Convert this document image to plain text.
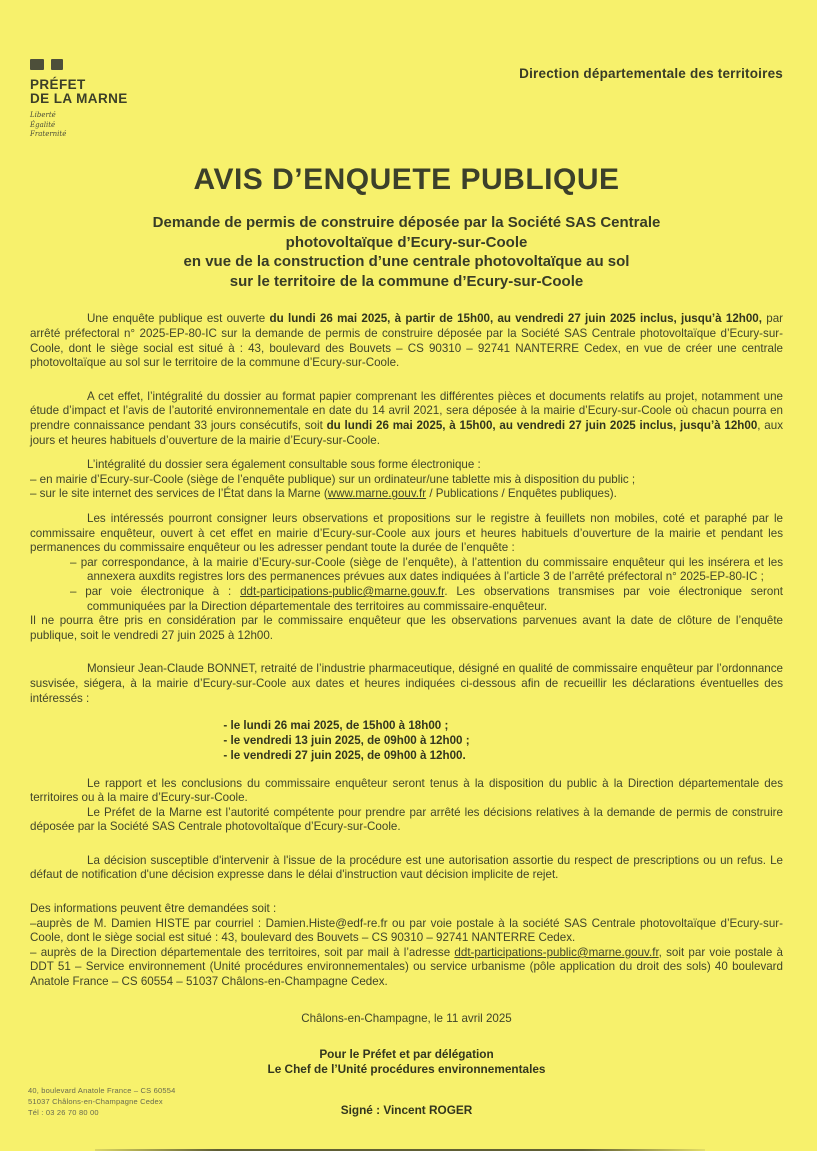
PRÉFET
DE LA MARNE
Liberté
Égalité
Fraternité
Direction départementale des territoires
AVIS D’ENQUETE PUBLIQUE
Demande de permis de construire déposée par la Société SAS Centrale
photovoltaïque d’Ecury-sur-Coole
en vue de la construction d’une centrale photovoltaïque au sol
sur le territoire de la commune d’Ecury-sur-Coole

Une enquête publique est ouverte du lundi 26 mai 2025, à partir de 15h00, au vendredi 27 juin 2025 inclus, jusqu’à 12h00, par arrêté préfectoral n° 2025-EP-80-IC sur la demande de permis de construire déposée par la Société SAS Centrale photovoltaïque d’Ecury-sur-Coole, dont le siège social est situé à : 43, boulevard des Bouvets – CS 90310 – 92741 NANTERRE Cedex, en vue de créer une centrale photovoltaïque au sol sur le territoire de la commune d’Ecury-sur-Coole.

A cet effet, l’intégralité du dossier au format papier comprenant les différentes pièces et documents relatifs au projet, notamment une étude d’impact et l’avis de l’autorité environnementale en date du 14 avril 2021, sera déposée à la mairie d’Ecury-sur-Coole où chacun pourra en prendre connaissance pendant 33 jours consécutifs, soit du lundi 26 mai 2025, à 15h00, au vendredi 27 juin 2025 inclus, jusqu’à 12h00, aux jours et heures habituels d’ouverture de la mairie d’Ecury-sur-Coole.

L’intégralité du dossier sera également consultable sous forme électronique :

– en mairie d’Ecury-sur-Coole (siège de l’enquête publique) sur un ordinateur/une tablette mis à disposition du public ;

– sur le site internet des services de l’État dans la Marne (www.marne.gouv.fr / Publications / Enquêtes publiques).

Les intéressés pourront consigner leurs observations et propositions sur le registre à feuillets non mobiles, coté et paraphé par le commissaire enquêteur, ouvert à cet effet en mairie d’Ecury-sur-Coole aux jours et heures habituels d’ouverture de la mairie et pendant les permanences du commissaire enquêteur ou les adresser pendant toute la durée de l’enquête :

– par correspondance, à la mairie d’Ecury-sur-Coole (siège de l’enquête), à l’attention du commissaire enquêteur qui les insérera et les annexera auxdits registres lors des permanences prévues aux dates indiquées à l’article 3 de l’arrêté préfectoral n° 2025-EP-80-IC ;

– par voie électronique à : ddt-participations-public@marne.gouv.fr. Les observations transmises par voie électronique seront communiquées par la Direction départementale des territoires au commissaire-enquêteur.

Il ne pourra être pris en considération par le commissaire enquêteur que les observations parvenues avant la date de clôture de l’enquête publique, soit le vendredi 27 juin 2025 à 12h00.

Monsieur Jean-Claude BONNET, retraité de l’industrie pharmaceutique, désigné en qualité de commissaire enquêteur par l’ordonnance susvisée, siégera, à la mairie d’Ecury-sur-Coole aux dates et heures indiquées ci-dessous afin de recueillir les déclarations éventuelles des intéressés :

- le lundi 26 mai 2025, de 15h00 à 18h00 ;
- le vendredi 13 juin 2025, de 09h00 à 12h00 ;
- le vendredi 27 juin 2025, de 09h00 à 12h00.

Le rapport et les conclusions du commissaire enquêteur seront tenus à la disposition du public à la Direction départementale des territoires ou à la maire d’Ecury-sur-Coole.

Le Préfet de la Marne est l’autorité compétente pour prendre par arrêté les décisions relatives à la demande de permis de construire déposée par la Société SAS Centrale photovoltaïque d’Ecury-sur-Coole.

La décision susceptible d'intervenir à l'issue de la procédure est une autorisation assortie du respect de prescriptions ou un refus. Le défaut de notification d'une décision expresse dans le délai d'instruction vaut décision implicite de rejet.

Des informations peuvent être demandées soit :

–auprès de M. Damien HISTE par courriel : Damien.Histe@edf-re.fr ou par voie postale à la société SAS Centrale photovoltaïque d’Ecury-sur-Coole, dont le siège social est situé : 43, boulevard des Bouvets – CS 90310 – 92741 NANTERRE Cedex.

– auprès de la Direction départementale des territoires, soit par mail à l’adresse ddt-participations-public@marne.gouv.fr, soit par voie postale à DDT 51 – Service environnement (Unité procédures environnementales) ou service urbanisme (pôle application du droit des sols) 40 boulevard Anatole France – CS 60554 – 51037 Châlons-en-Champagne Cedex.

Châlons-en-Champagne, le 11 avril 2025
Pour le Préfet et par délégation
Le Chef de l’Unité procédures environnementales
Signé : Vincent ROGER
40, boulevard Anatole France – CS 60554
51037 Châlons-en-Champagne Cedex
Tél : 03 26 70 80 00
